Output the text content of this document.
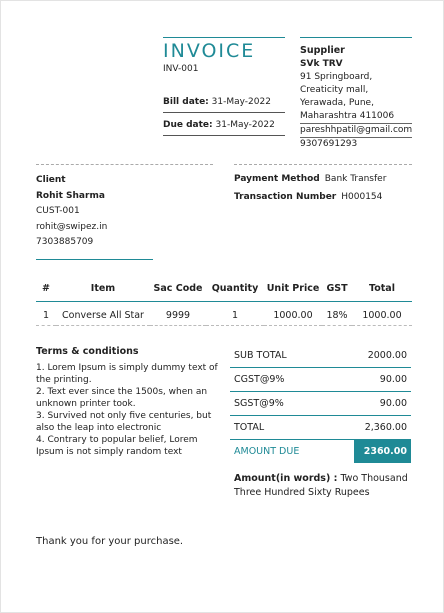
INVOICE
INV-001
Bill date: 31-May-2022
Due date: 31-May-2022
Supplier
SVk TRV
91 Springboard,
Creaticity mall,
Yerawada, Pune,
Maharashtra 411006
pareshhpatil@gmail.com
9307691293
Client
Rohit Sharma
CUST-001
rohit@swipez.in
7303885709
Payment Method Bank Transfer
Transaction Number H000154
#	Item	Sac Code	Quantity	Unit Price	GST	Total
1	Converse All Star	9999	1	1000.00	18%	1000.00
Terms & conditions
1. Lorem Ipsum is simply dummy text of the printing.
2. Text ever since the 1500s, when an unknown printer took.
3. Survived not only five centuries, but also the leap into electronic
4. Contrary to popular belief, Lorem Ipsum is not simply random text
SUB TOTAL	2000.00
CGST@9%	90.00
SGST@9%	90.00
TOTAL	2,360.00
AMOUNT DUE	2360.00
Amount(in words) : Two Thousand Three Hundred Sixty Rupees
Thank you for your purchase.
